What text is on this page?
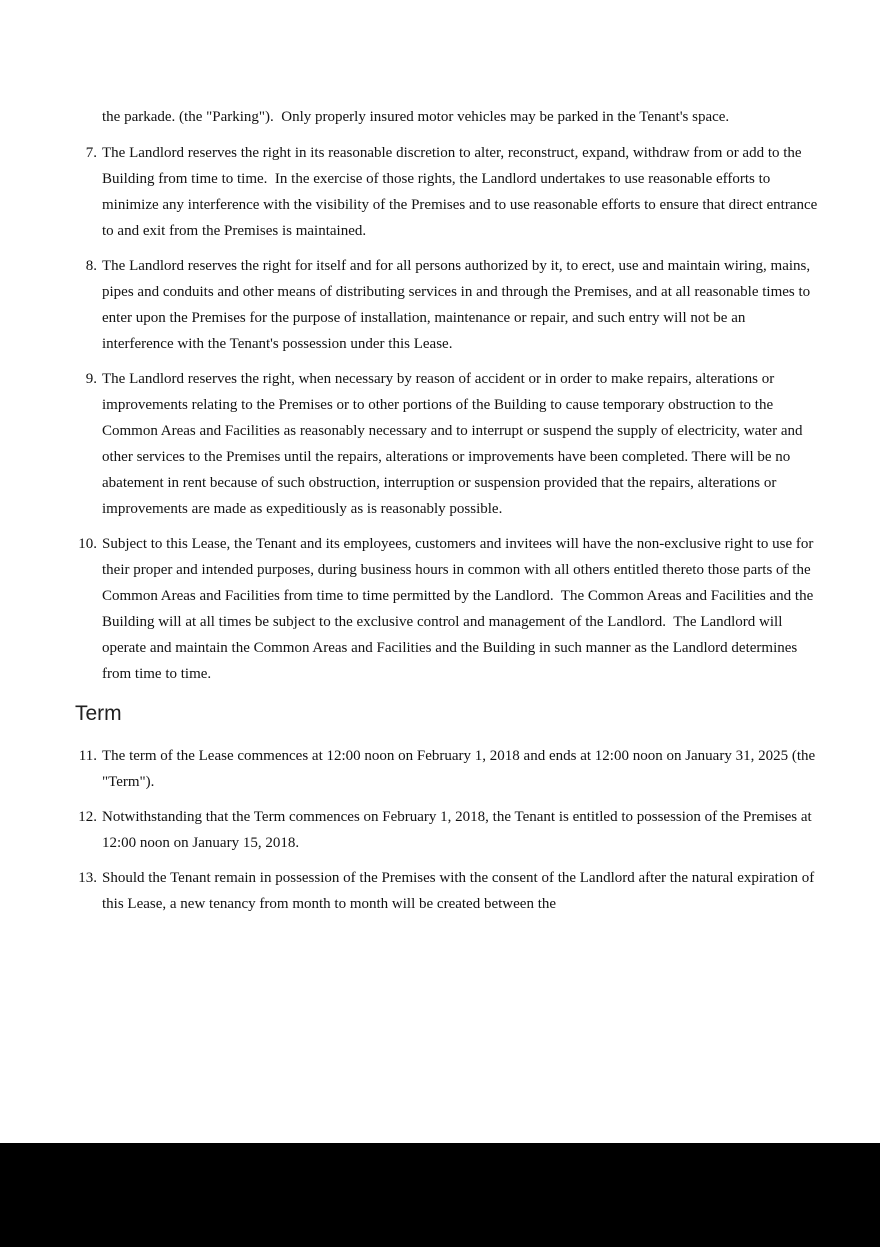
the parkade. (the "Parking").  Only properly insured motor vehicles may be parked in the Tenant's space.

7. The Landlord reserves the right in its reasonable discretion to alter, reconstruct, expand, withdraw from or add to the Building from time to time.  In the exercise of those rights, the Landlord undertakes to use reasonable efforts to minimize any interference with the visibility of the Premises and to use reasonable efforts to ensure that direct entrance to and exit from the Premises is maintained.
8. The Landlord reserves the right for itself and for all persons authorized by it, to erect, use and maintain wiring, mains, pipes and conduits and other means of distributing services in and through the Premises, and at all reasonable times to enter upon the Premises for the purpose of installation, maintenance or repair, and such entry will not be an interference with the Tenant's possession under this Lease.
9. The Landlord reserves the right, when necessary by reason of accident or in order to make repairs, alterations or improvements relating to the Premises or to other portions of the Building to cause temporary obstruction to the Common Areas and Facilities as reasonably necessary and to interrupt or suspend the supply of electricity, water and other services to the Premises until the repairs, alterations or improvements have been completed. There will be no abatement in rent because of such obstruction, interruption or suspension provided that the repairs, alterations or improvements are made as expeditiously as is reasonably possible.
10. Subject to this Lease, the Tenant and its employees, customers and invitees will have the non-exclusive right to use for their proper and intended purposes, during business hours in common with all others entitled thereto those parts of the Common Areas and Facilities from time to time permitted by the Landlord.  The Common Areas and Facilities and the Building will at all times be subject to the exclusive control and management of the Landlord.  The Landlord will operate and maintain the Common Areas and Facilities and the Building in such manner as the Landlord determines from time to time.
Term
11. The term of the Lease commences at 12:00 noon on February 1, 2018 and ends at 12:00 noon on January 31, 2025 (the "Term").
12. Notwithstanding that the Term commences on February 1, 2018, the Tenant is entitled to possession of the Premises at 12:00 noon on January 15, 2018.
13. Should the Tenant remain in possession of the Premises with the consent of the Landlord after the natural expiration of this Lease, a new tenancy from month to month will be created between the
